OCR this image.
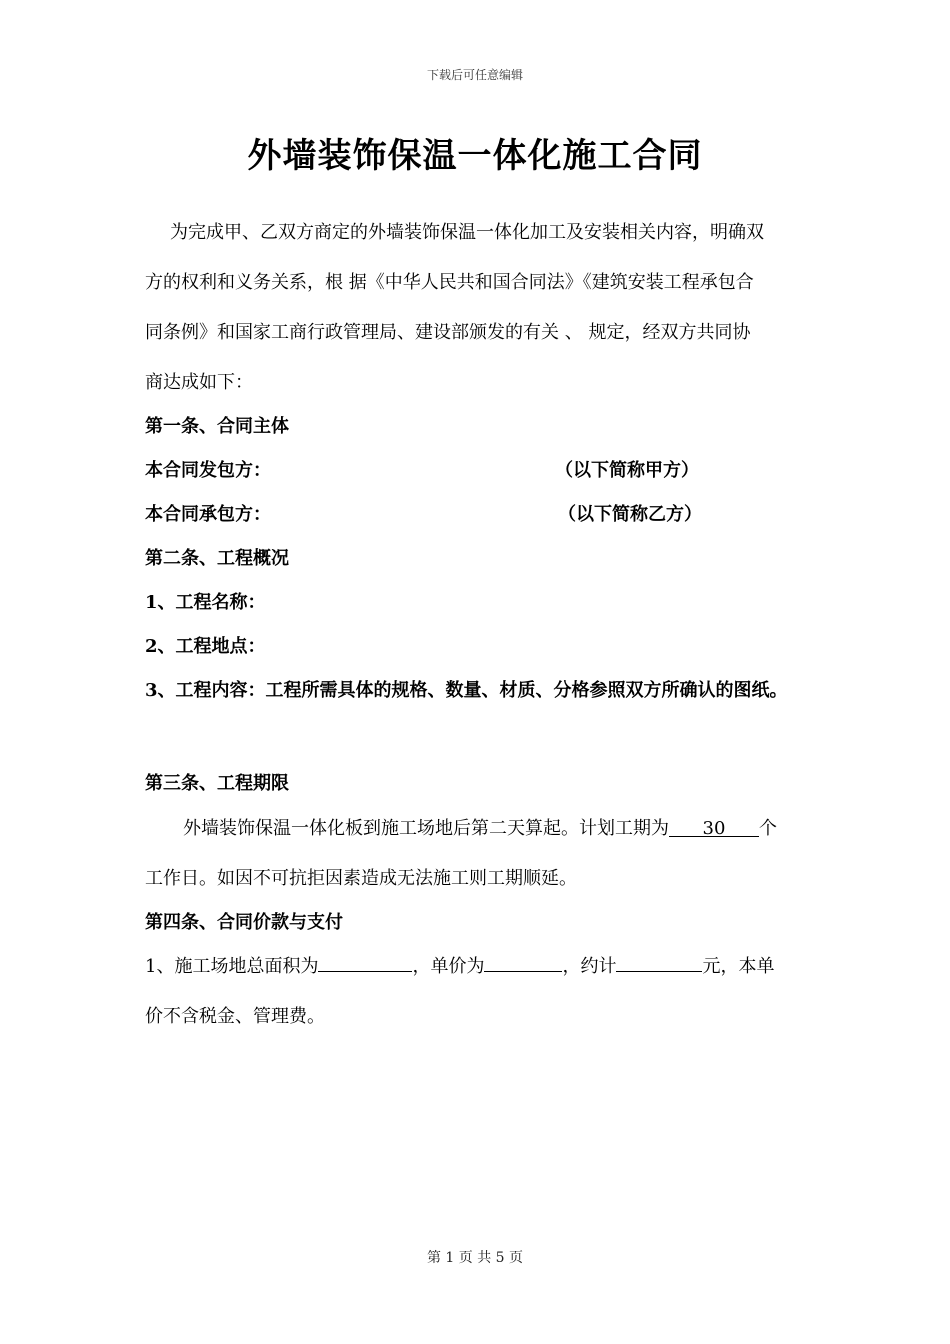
下载后可任意编辑
外墙装饰保温一体化施工合同
为完成甲、乙双方商定的外墙装饰保温一体化加工及安装相关内容，明确双
方的权利和义务关系，根 据《中华人民共和国合同法》《建筑安装工程承包合
同条例》和国家工商行政管理局、建设部颁发的有关 、 规定，经双方共同协
商达成如下：
第一条、合同主体
本合同发包方：	（以下简称甲方）
本合同承包方：	（以下简称乙方）
第二条、工程概况
1、工程名称：
2、工程地点：
3、工程内容：工程所需具体的规格、数量、材质、分格参照双方所确认的图纸。
第三条、工程期限
外墙装饰保温一体化板到施工场地后第二天算起。计划工期为 30 个
工作日。如因不可抗拒因素造成无法施工则工期顺延。
第四条、合同价款与支付
1、施工场地总面积为	，单价为	，约计	元，本单
价不含税金、管理费。
第 1 页 共 5 页
